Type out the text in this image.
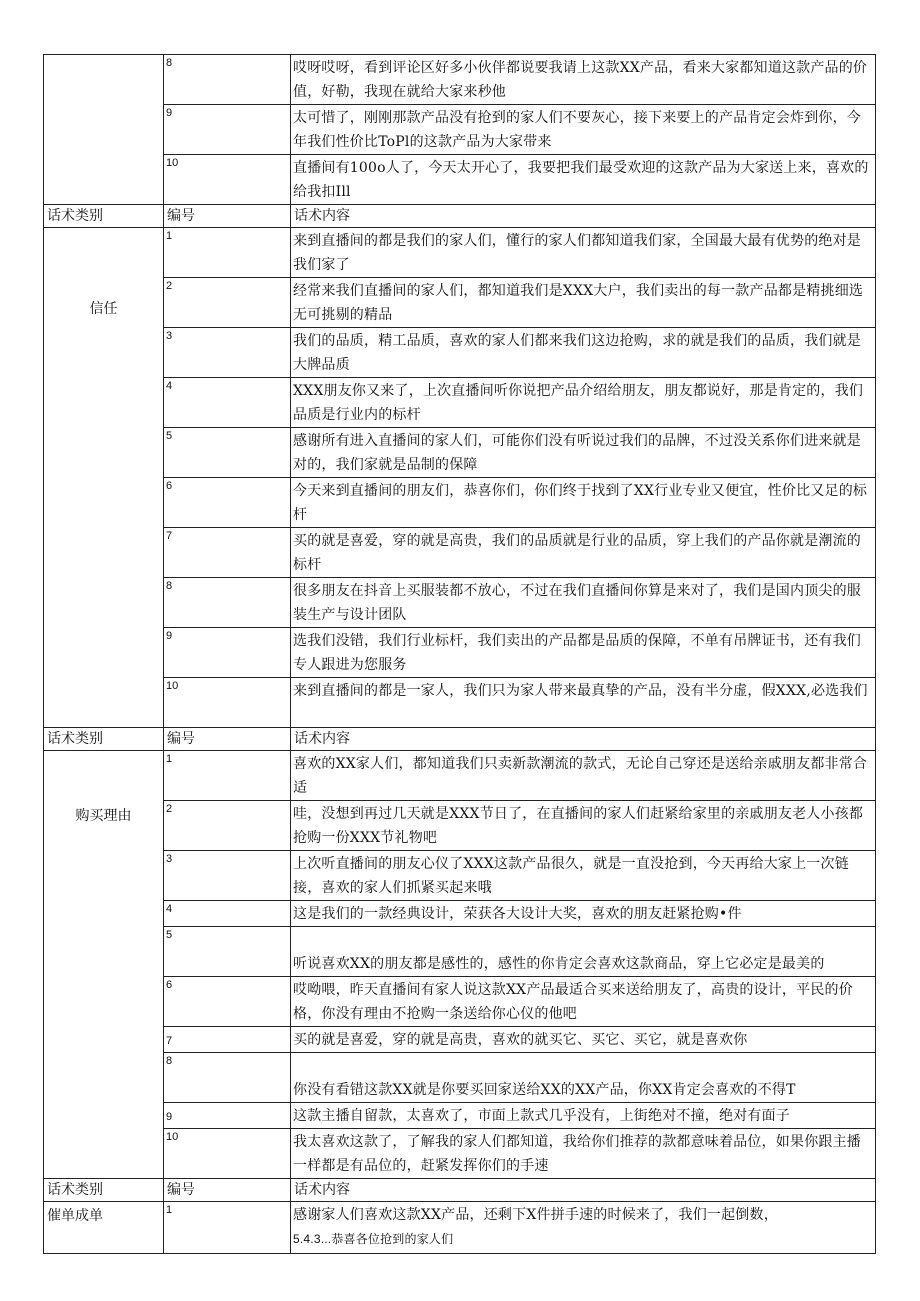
	8	哎呀哎呀，看到评论区好多小伙伴都说要我请上这款XX产品，看来大家都知道这款产品的价值，好勒，我现在就给大家来秒他
	9	太可惜了，刚刚那款产品没有抢到的家人们不要灰心，接下来要上的产品肯定会炸到你，今年我们性价比ToPl的这款产品为大家带来
	10	直播间有100o人了，今天太开心了，我要把我们最受欢迎的这款产品为大家送上来，喜欢的给我扣Ill
话术类别	编号	话术内容
信任	1	来到直播间的都是我们的家人们，懂行的家人们都知道我们家，全国最大最有优势的绝对是我们家了
	2	经常来我们直播间的家人们，都知道我们是XXX大户，我们卖出的每一款产品都是精挑细选无可挑剔的精品
	3	我们的品质，精工品质，喜欢的家人们都来我们这边抢购，求的就是我们的品质，我们就是大牌品质
	4	XXX朋友你又来了，上次直播间听你说把产品介绍给朋友，朋友都说好，那是肯定的，我们品质是行业内的标杆
	5	感谢所有进入直播间的家人们，可能你们没有听说过我们的品牌，不过没关系你们进来就是对的，我们家就是品制的保障
	6	今天来到直播间的朋友们，恭喜你们，你们终于找到了XX行业专业又便宜，性价比又足的标杆
	7	买的就是喜爱，穿的就是高贵，我们的品质就是行业的品质，穿上我们的产品你就是潮流的标杆
	8	很多朋友在抖音上买服装都不放心，不过在我们直播间你算是来对了，我们是国内顶尖的服装生产与设计团队
	9	选我们没错，我们行业标杆，我们卖出的产品都是品质的保障，不单有吊牌证书，还有我们专人跟进为您服务
	10	来到直播间的都是一家人，我们只为家人带来最真挚的产品，没有半分虚，假XXX,必选我们
话术类别	编号	话术内容
购买理由	1	喜欢的XX家人们，都知道我们只卖新款潮流的款式，无论自己穿还是送给亲戚朋友都非常合适
	2	哇，没想到再过几天就是XXX节日了，在直播间的家人们赶紧给家里的亲戚朋友老人小孩都抢购一份XXX节礼物吧
	3	上次听直播间的朋友心仪了XXX这款产品很久，就是一直没抢到，今天再给大家上一次链接，喜欢的家人们抓紧买起来哦
	4	这是我们的一款经典设计，荣获各大设计大奖，喜欢的朋友赶紧抢购•件
	5	听说喜欢XX的朋友都是感性的，感性的你肯定会喜欢这款商品，穿上它必定是最美的
	6	哎呦喂，昨天直播间有家人说这款XX产品最适合买来送给朋友了，高贵的设计，平民的价格，你没有理由不抢购一条送给你心仪的他吧
	7	买的就是喜爱，穿的就是高贵，喜欢的就买它、买它、买它，就是喜欢你
	8	你没有看错这款XX就是你要买回家送给XX的XX产品，你XX肯定会喜欢的不得T
	9	这款主播自留款，太喜欢了，市面上款式几乎没有，上街绝对不撞，绝对有面子
	10	我太喜欢这款了，了解我的家人们都知道，我给你们推荐的款都意味着品位，如果你跟主播一样都是有品位的，赶紧发挥你们的手速
话术类别	编号	话术内容
催单成单	1	感谢家人们喜欢这款XX产品，还剩下X件拼手速的时候来了，我们一起倒数，
5.4.3...恭喜各位抢到的家人们
